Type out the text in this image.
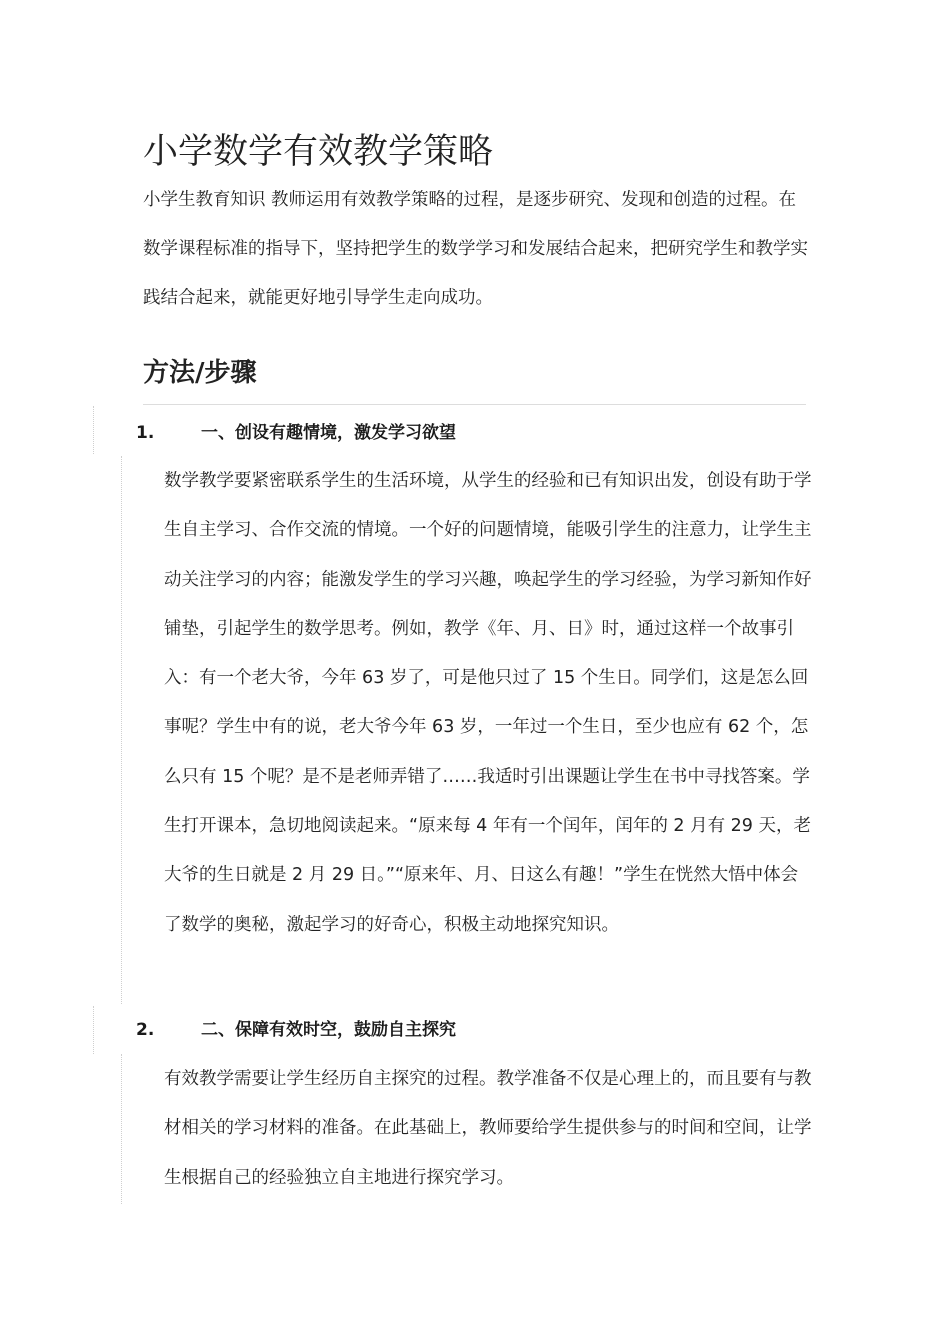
小学数学有效教学策略

小学生教育知识 教师运用有效教学策略的过程，是逐步研究、发现和创造的过程。在数学课程标准的指导下，坚持把学生的数学学习和发展结合起来，把研究学生和教学实践结合起来，就能更好地引导学生走向成功。

方法/步骤
1.	一、创设有趣情境，激发学习欲望

数学教学要紧密联系学生的生活环境，从学生的经验和已有知识出发，创设有助于学生自主学习、合作交流的情境。一个好的问题情境，能吸引学生的注意力，让学生主动关注学习的内容；能激发学生的学习兴趣，唤起学生的学习经验，为学习新知作好铺垫，引起学生的数学思考。例如，教学《年、月、日》时，通过这样一个故事引入：有一个老大爷，今年 63 岁了，可是他只过了 15 个生日。同学们，这是怎么回事呢？学生中有的说，老大爷今年 63 岁，一年过一个生日，至少也应有 62 个，怎么只有 15 个呢？是不是老师弄错了……我适时引出课题让学生在书中寻找答案。学生打开课本，急切地阅读起来。“原来每 4 年有一个闰年，闰年的 2 月有 29 天，老大爷的生日就是 2 月 29 日。”“原来年、月、日这么有趣！”学生在恍然大悟中体会了数学的奥秘，激起学习的好奇心，积极主动地探究知识。

2.	二、保障有效时空，鼓励自主探究

有效教学需要让学生经历自主探究的过程。教学准备不仅是心理上的，而且要有与教材相关的学习材料的准备。在此基础上，教师要给学生提供参与的时间和空间，让学生根据自己的经验独立自主地进行探究学习。
